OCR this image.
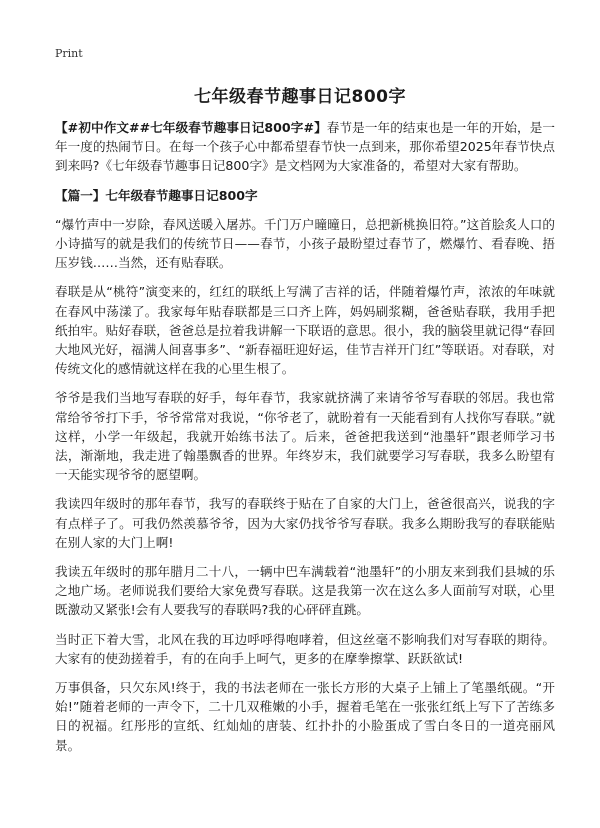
Print
七年级春节趣事日记800字

【#初中作文##七年级春节趣事日记800字#】春节是一年的结束也是一年的开始，是一年一度的热闹节日。在每一个孩子心中都希望春节快一点到来，那你希望2025年春节快点到来吗?《七年级春节趣事日记800字》是文档网为大家准备的，希望对大家有帮助。

【篇一】七年级春节趣事日记800字

“爆竹声中一岁除，春风送暖入屠苏。千门万户曈曈日，总把新桃换旧符。”这首脍炙人口的小诗描写的就是我们的传统节日——春节，小孩子最盼望过春节了，燃爆竹、看春晚、捂压岁钱……当然，还有贴春联。

春联是从“桃符”演变来的，红红的联纸上写满了吉祥的话，伴随着爆竹声，浓浓的年味就在春风中荡漾了。我家每年贴春联都是三口齐上阵，妈妈刷浆糊，爸爸贴春联，我用手把纸拍牢。贴好春联，爸爸总是拉着我讲解一下联语的意思。很小，我的脑袋里就记得“春回大地风光好，福满人间喜事多”、“新春福旺迎好运，佳节吉祥开门红”等联语。对春联，对传统文化的感情就这样在我的心里生根了。

爷爷是我们当地写春联的好手，每年春节，我家就挤满了来请爷爷写春联的邻居。我也常常给爷爷打下手，爷爷常常对我说，“你爷老了，就盼着有一天能看到有人找你写春联。”就这样，小学一年级起，我就开始练书法了。后来，爸爸把我送到“池墨轩”跟老师学习书法，渐渐地，我走进了翰墨飘香的世界。年终岁末，我们就要学习写春联，我多么盼望有一天能实现爷爷的愿望啊。

我读四年级时的那年春节，我写的春联终于贴在了自家的大门上，爸爸很高兴，说我的字有点样子了。可我仍然羡慕爷爷，因为大家仍找爷爷写春联。我多么期盼我写的春联能贴在别人家的大门上啊!

我读五年级时的那年腊月二十八，一辆中巴车满载着“池墨轩”的小朋友来到我们县城的乐之地广场。老师说我们要给大家免费写春联。这是我第一次在这么多人面前写对联，心里既激动又紧张!会有人要我写的春联吗?我的心砰砰直跳。

当时正下着大雪，北风在我的耳边呼呼得咆哮着，但这丝毫不影响我们对写春联的期待。大家有的使劲搓着手，有的在向手上呵气，更多的在摩拳擦掌、跃跃欲试!

万事俱备，只欠东风!终于，我的书法老师在一张长方形的大桌子上铺上了笔墨纸砚。“开始!”随着老师的一声令下，二十几双稚嫩的小手，握着毛笔在一张张红纸上写下了苦练多日的祝福。红彤彤的宣纸、红灿灿的唐装、红扑扑的小脸蛋成了雪白冬日的一道亮丽风景。
